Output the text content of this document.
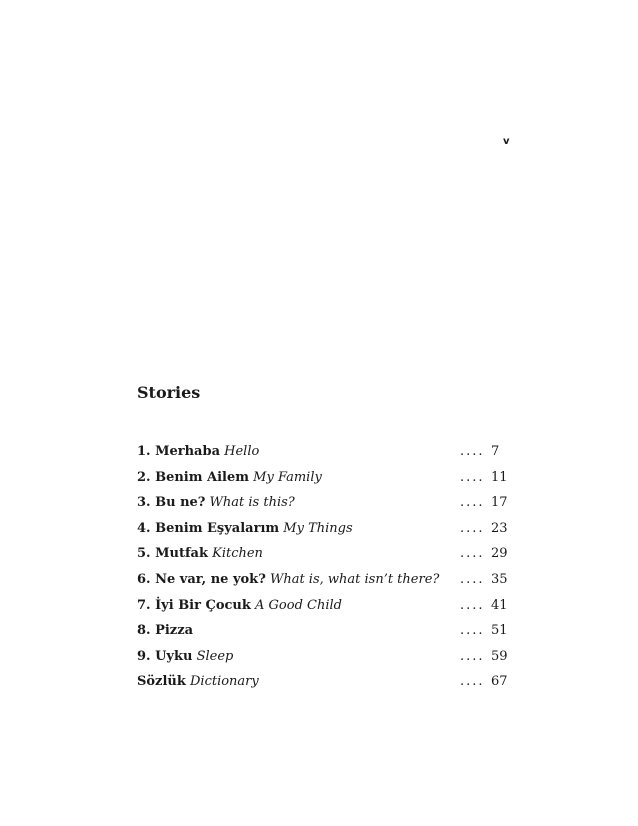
v
Stories
1. Merhaba Hello	.... 7
2. Benim Ailem My Family	.... 11
3. Bu ne? What is this?	.... 17
4. Benim Eşyalarım My Things	.... 23
5. Mutfak Kitchen	.... 29
6. Ne var, ne yok? What is, what isn’t there? .... 35
7. İyi Bir Çocuk A Good Child	.... 41
8. Pizza	.... 51
9. Uyku Sleep	.... 59
Sözlük Dictionary	.... 67
